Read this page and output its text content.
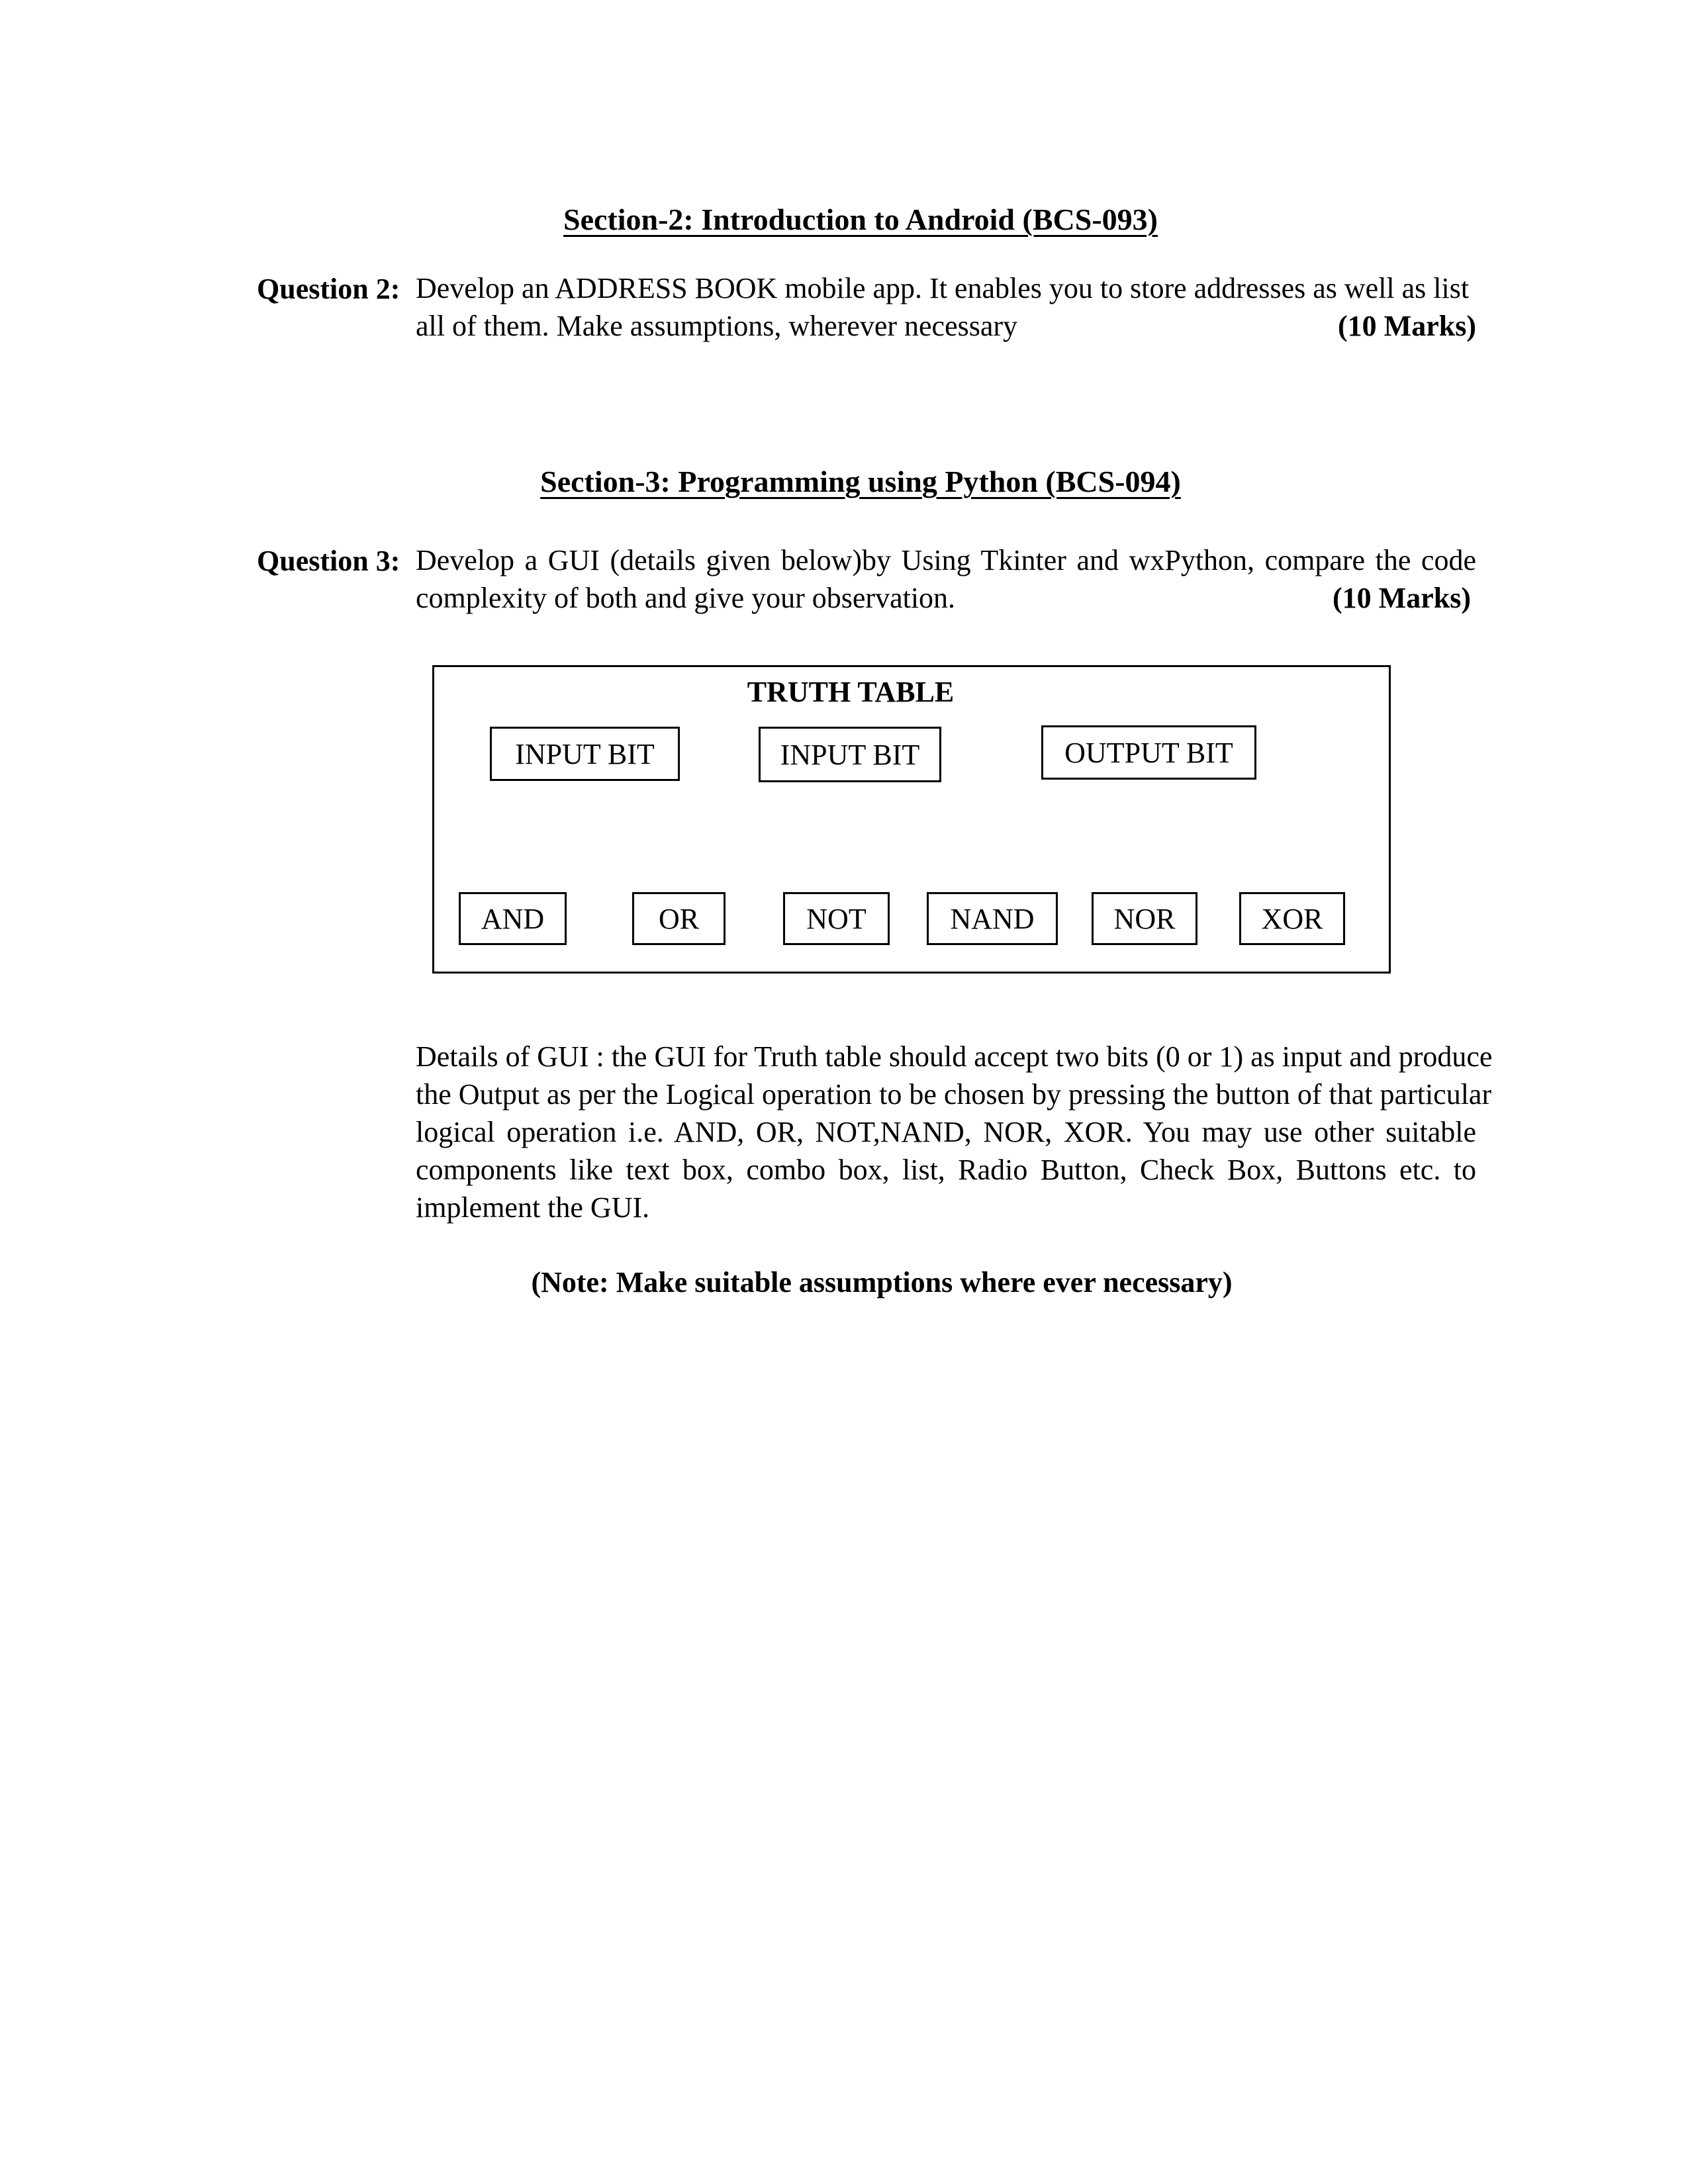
Section-2: Introduction to Android (BCS-093)
Question 2: Develop an ADDRESS BOOK mobile app. It enables you to store addresses as well as list
all of them. Make assumptions, wherever necessary	(10 Marks)
Section-3: Programming using Python (BCS-094)
Question 3: Develop a GUI (details given below)by Using Tkinter and wxPython, compare the code
complexity of both and give your observation.	(10 Marks)
TRUTH TABLE
INPUT BIT	INPUT BIT	OUTPUT BIT
AND	OR	NOT	NAND	NOR	XOR
Details of GUI : the GUI for Truth table should accept two bits (0 or 1) as input and produce
the Output as per the Logical operation to be chosen by pressing the button of that particular
logical operation i.e. AND, OR, NOT,NAND, NOR, XOR. You may use other suitable
components like text box, combo box, list, Radio Button, Check Box, Buttons etc. to
implement the GUI.
(Note: Make suitable assumptions where ever necessary)
